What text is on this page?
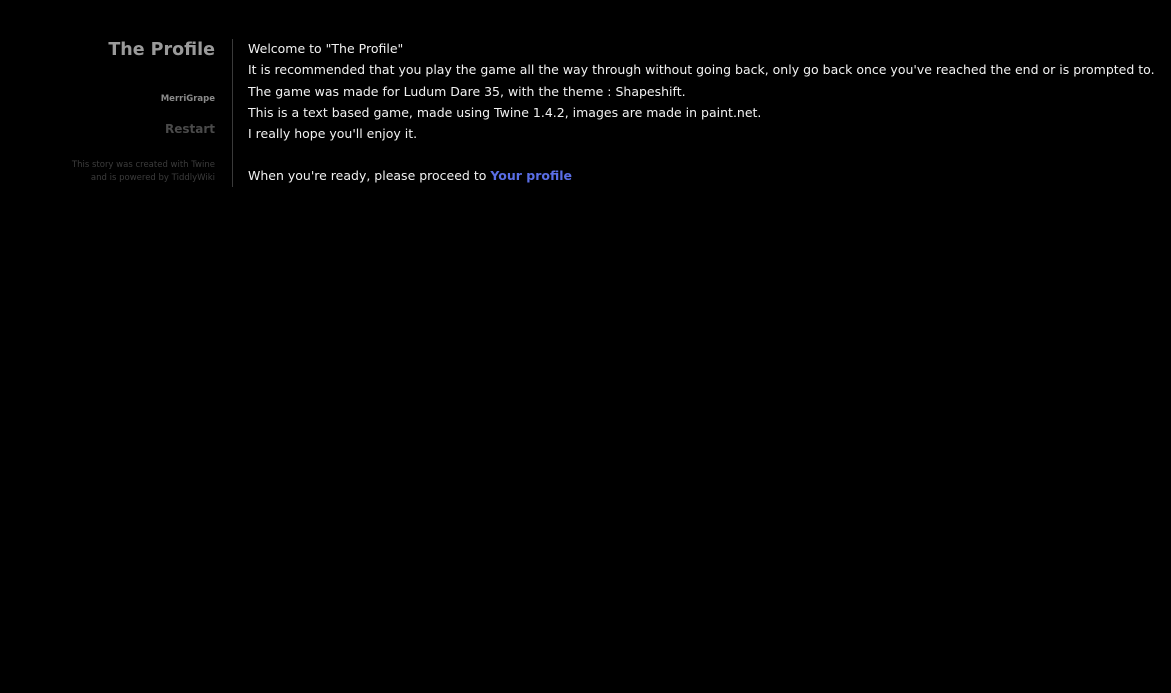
The Profile
MerriGrape
Restart
This story was created with Twine and is powered by TiddlyWiki

Welcome to "The Profile"

It is recommended that you play the game all the way through without going back, only go back once you've reached the end or is prompted to.

The game was made for Ludum Dare 35, with the theme : Shapeshift.

This is a text based game, made using Twine 1.4.2, images are made in paint.net.

I really hope you'll enjoy it.

When you're ready, please proceed to Your profile
